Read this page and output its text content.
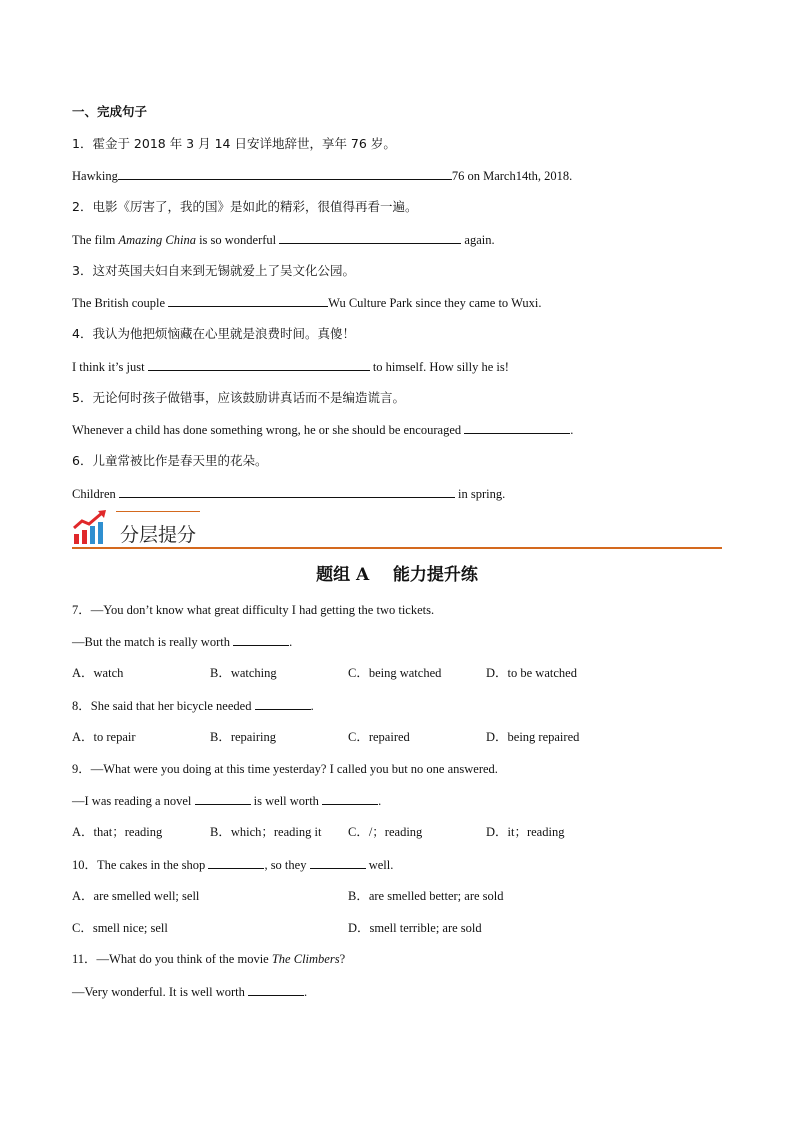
一、完成句子
1．霍金于 2018 年 3 月 14 日安详地辞世，享年 76 岁。
Hawking	76 on March14th, 2018.
2．电影《厉害了，我的国》是如此的精彩，很值得再看一遍。
The film Amazing China is so wonderful	again.
3．这对英国夫妇自来到无锡就爱上了吴文化公园。
The British couple	Wu Culture Park since they came to Wuxi.
4．我认为他把烦恼藏在心里就是浪费时间。真傻！
I think it’s just	to himself. How silly he is!
5．无论何时孩子做错事，应该鼓励讲真话而不是编造谎言。
Whenever a child has done something wrong, he or she should be encouraged	.
6．儿童常被比作是春天里的花朵。
Children	in spring.
分层提分
题组 A 能力提升练
7．—You don’t know what great difficulty I had getting the two tickets.
—But the match is really worth	.
A．watch	B．watching	C．being watched	D．to be watched
8．She said that her bicycle needed	.
A．to repair	B．repairing	C．repaired	D．being repaired
9．—What were you doing at this time yesterday? I called you but no one answered.
—I was reading a novel	is well worth	.
A．that；reading	B．which；reading it C．/；reading	D．it；reading
10．The cakes in the shop	, so they	well.
A．are smelled well; sell	B．are smelled better; are sold
C．smell nice; sell	D．smell terrible; are sold
11．—What do you think of the movie The Climbers?
—Very wonderful. It is well worth	.
